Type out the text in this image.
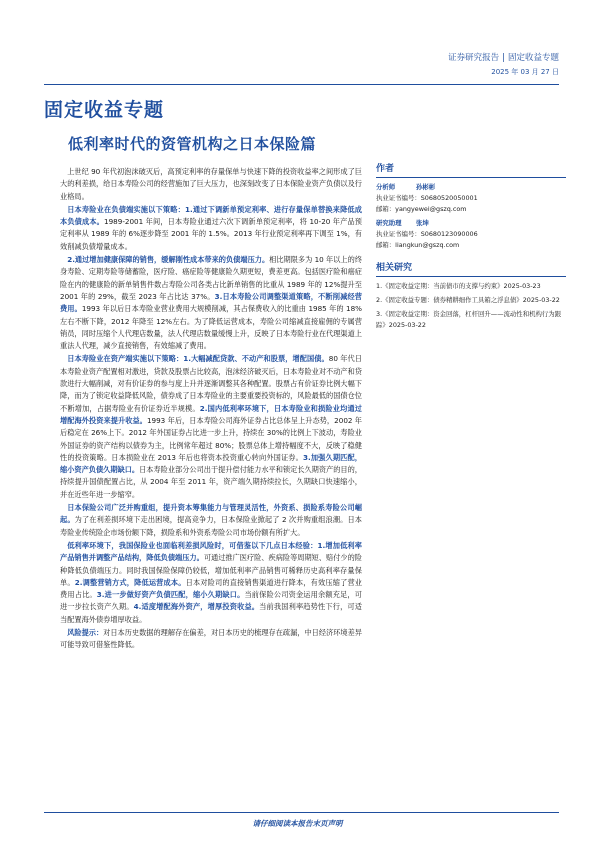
证券研究报告 | 固定收益专题
2025 年 03 月 27 日
固定收益专题
低利率时代的资管机构之日本保险篇

上世纪 90 年代初泡沫破灭后，高预定利率的存量保单与快速下降的投资收益率之间形成了巨大的利差损，给日本寿险公司的经营施加了巨大压力，也深刻改变了日本保险业资产负债以及行业格局。

日本寿险业在负债端实施以下策略：1.通过下调新单预定利率、进行存量保单替换来降低成本负债成本。1989-2001 年间，日本寿险业通过六次下调新单预定利率，将 10-20 年产品预定利率从 1989 年的 6%逐步降至 2001 年的 1.5%。2013 年行业预定利率再下调至 1%，有效削减负债增量成本。

2.通过增加健康保障的销售，缓解刚性成本带来的负债端压力。相比期限多为 10 年以上的终身寿险、定期寿险等储蓄险，医疗险、癌症险等健康险久期更短，费差更高。包括医疗险和癌症险在内的健康险的新单销售件数占寿险公司各类占比新单销售的比重从 1989 年的 12%提升至 2001 年的 29%，截至 2023 年占比达 37%。3.日本寿险公司调整渠道策略，不断削减经营费用。1993 年以后日本寿险业营业费用大规模削减，其占保费收入的比重由 1985 年的 18%左右不断下降，2012 年降至 12%左右。为了降低运营成本，寿险公司缩减直接雇佣的专属营销员，同时压缩个人代理店数量，法人代理店数量缓慢上升，反映了日本寿险行业在代理渠道上重法人代理，减少直接销售，有效缩减了费用。

日本寿险业在资产端实施以下策略：1.大幅减配贷款、不动产和股票，增配国债。80 年代日本寿险业资产配置相对激进，贷款及股票占比较高，泡沫经济破灭后，日本寿险业对不动产和贷款进行大幅削减，对有价证券的参与度上升并逐渐调整其各种配置。股票占有价证券比例大幅下降，而为了锁定收益降低风险，债券成了日本寿险业的主要重要投资标的，风险最低的国债仓位不断增加，占据寿险业有价证券近半规模。2.国内低利率环境下，日本寿险业和损险业均通过增配海外投资来提升收益。1993 年后，日本寿险公司海外证券占比总体呈上升态势，2002 年后稳定在 26%上下。2012 年外国证券占比进一步上升，持续在 30%的比例上下波动，寿险业外国证券的资产结构以债券为主，比例常年超过 80%；股票总体上增持幅度不大，反映了稳健性的投资策略。日本损险业在 2013 年后也将资本投资重心转向外国证券。3.加强久期匹配，缩小资产负债久期缺口。日本寿险业部分公司出于提升偿付能力水平和锁定长久期资产的目的，持续提升国债配置占比，从 2004 年至 2011 年，资产端久期持续拉长，久期缺口快速缩小，并在近些年进一步缩窄。

日本保险公司广泛并购重组，提升资本筹集能力与管理灵活性，外资系、损险系寿险公司崛起。为了在利差损环境下走出困境，提高竞争力，日本保险业掀起了 2 次并购重组浪潮。日本寿险业传统险企市场份额下降，损险系和外资系寿险公司市场份额有所扩大。

低利率环境下，我国保险业也面临利差损风险时，可借鉴以下几点日本经验：1.增加低利率产品销售并调整产品结构，降低负债端压力。可通过推广医疗险、疾病险等周期短、赔付少的险种降低负债端压力。同时我国保险保障仍较低，增加低利率产品销售可稀释历史高利率存量保单。2.调整营销方式，降低运营成本。日本对险司的直接销售渠道进行降本，有效压缩了营业费用占比。3.进一步做好资产负债匹配，缩小久期缺口。当前保险公司资金运用余额充足，可进一步拉长资产久期。4.适度增配海外资产，增厚投资收益。当前我国利率趋势性下行，可适当配置海外债券增厚收益。

风险提示：对日本历史数据的理解存在偏差，对日本历史的梳理存在疏漏，中日经济环境差异可能导致可借鉴性降低。

作者
分析师	孙彬彬
执业证书编号：S0680520050001
邮箱：yangyewei@gszq.com
研究助理	张坤
执业证书编号：S0680123090006
邮箱：liangkun@gszq.com
相关研究
1.《固定收益定期：当前债市的支撑与约束》2025-03-23
2.《固定收益专题：债券精耕细作工具箱之浮息债》2025-03-22
3.《固定收益定期：资金回落，杠杆回升——流动性和机构行为跟踪》2025-03-22
请仔细阅读本报告末页声明
